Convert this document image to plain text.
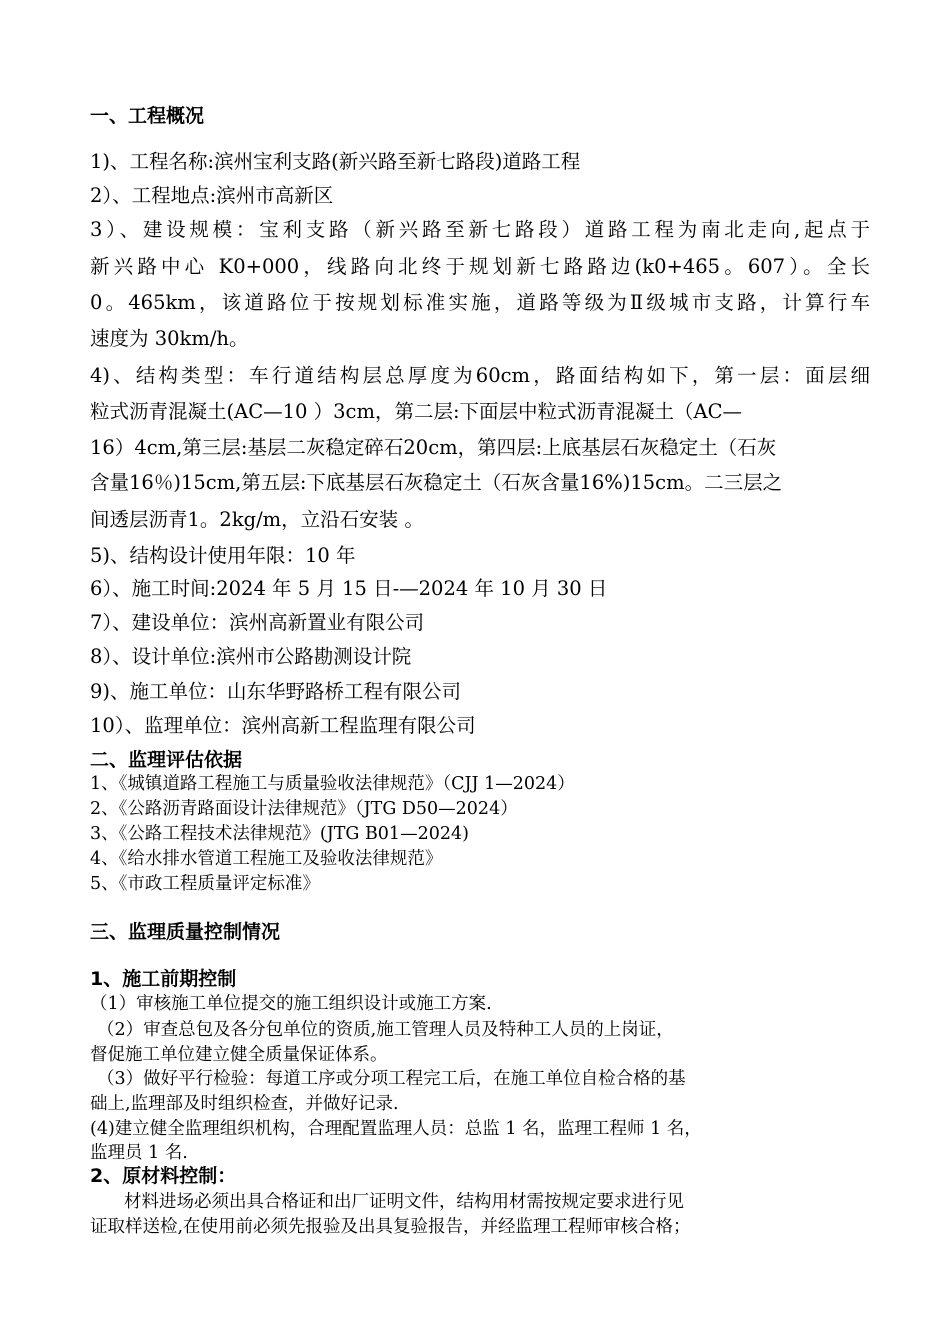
一、工程概况
1)、工程名称:滨州宝利支路(新兴路至新七路段)道路工程
2）、工程地点:滨州市高新区
3）、建设规模：宝利支路（新兴路至新七路段）道路工程为南北走向,起点于
新兴路中心 K0+000，线路向北终于规划新七路路边(k0+465。607）。全长
0。465km，该道路位于按规划标准实施，道路等级为Ⅱ级城市支路，计算行车
速度为 30km/h。
4)、结构类型：车行道结构层总厚度为60cm，路面结构如下，第一层：面层细
粒式沥青混凝土(AC—10 ）3cm，第二层:下面层中粒式沥青混凝土（AC—
16）4cm,第三层:基层二灰稳定碎石20cm，第四层:上底基层石灰稳定土（石灰
含量16％)15cm,第五层:下底基层石灰稳定土（石灰含量16%)15cm。二三层之
间透层沥青1。2kg/m，立沿石安装 。
5)、结构设计使用年限：10 年
6）、施工时间:2024 年 5 月 15 日-—2024 年 10 月 30 日
7）、建设单位：滨州高新置业有限公司
8）、设计单位:滨州市公路勘测设计院
9)、施工单位：山东华野路桥工程有限公司
10）、监理单位：滨州高新工程监理有限公司
二、监理评估依据
1、《城镇道路工程施工与质量验收法律规范》（CJJ 1—2024）
2、《公路沥青路面设计法律规范》（JTG D50—2024）
3、《公路工程技术法律规范》(JTG B01—2024)
4、《给水排水管道工程施工及验收法律规范》
5、《市政工程质量评定标准》
三、监理质量控制情况
1、施工前期控制
（1）审核施工单位提交的施工组织设计或施工方案.
（2）审查总包及各分包单位的资质,施工管理人员及特种工人员的上岗证，
督促施工单位建立健全质量保证体系。
（3）做好平行检验：每道工序或分项工程完工后，在施工单位自检合格的基
础上,监理部及时组织检查，并做好记录.
(4)建立健全监理组织机构，合理配置监理人员：总监 1 名，监理工程师 1 名，
监理员 1 名.
2、原材料控制：
材料进场必须出具合格证和出厂证明文件，结构用材需按规定要求进行见
证取样送检,在使用前必须先报验及出具复验报告，并经监理工程师审核合格；
